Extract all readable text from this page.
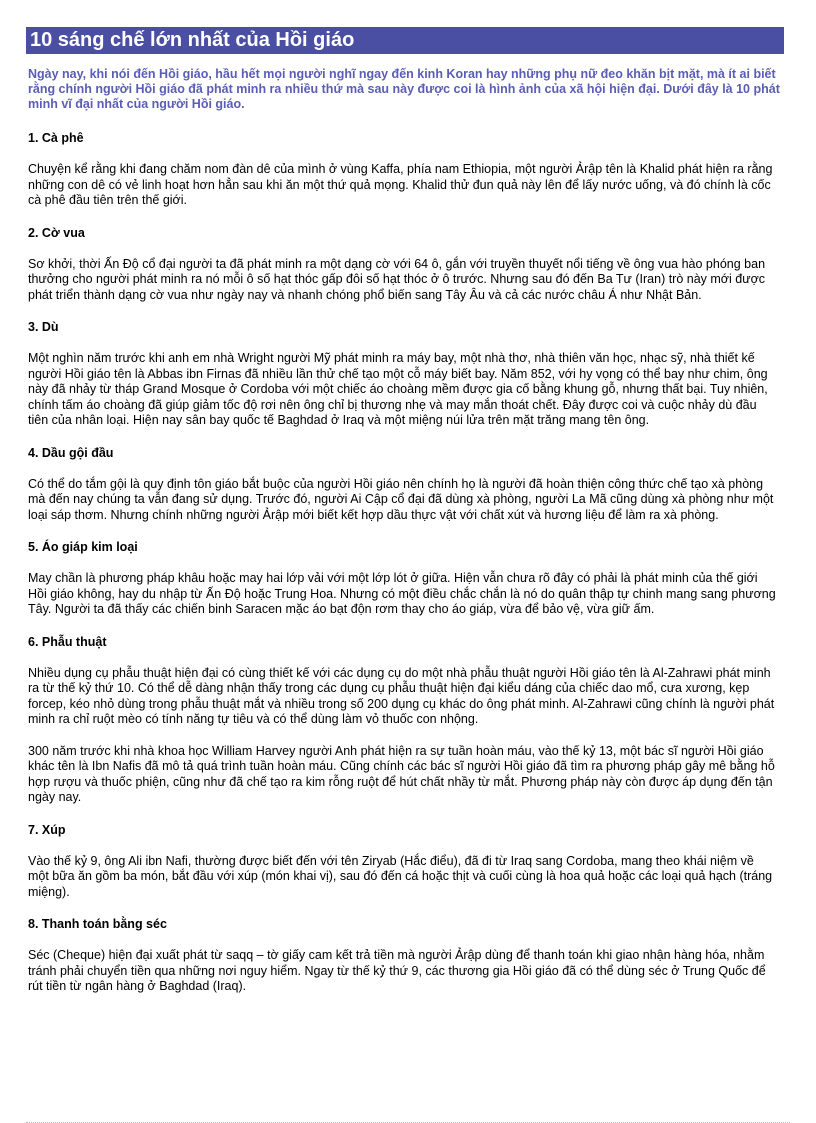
10 sáng chế lớn nhất của Hồi giáo

Ngày nay, khi nói đến Hồi giáo, hầu hết mọi người nghĩ ngay đến kinh Koran hay những phụ nữ đeo khăn bịt mặt, mà ít ai biết rằng chính người Hồi giáo đã phát minh ra nhiều thứ mà sau này được coi là hình ảnh của xã hội hiện đại. Dưới đây là 10 phát minh vĩ đại nhất của người Hồi giáo.

1. Cà phê

Chuyện kể rằng khi đang chăm nom đàn dê của mình ở vùng Kaffa, phía nam Ethiopia, một người Ảrập tên là Khalid phát hiện ra rằng những con dê có vẻ linh hoạt hơn hẳn sau khi ăn một thứ quả mọng. Khalid thử đun quả này lên để lấy nước uống, và đó chính là cốc cà phê đầu tiên trên thế giới.

2. Cờ vua

Sơ khởi, thời Ấn Độ cổ đại người ta đã phát minh ra một dạng cờ với 64 ô, gắn với truyền thuyết nổi tiếng về ông vua hào phóng ban thưởng cho người phát minh ra nó mỗi ô số hạt thóc gấp đôi số hạt thóc ở ô trước. Nhưng sau đó đến Ba Tư (Iran) trò này mới được phát triển thành dạng cờ vua như ngày nay và nhanh chóng phổ biến sang Tây Âu và cả các nước châu Á như Nhật Bản.

3. Dù

Một nghìn năm trước khi anh em nhà Wright người Mỹ phát minh ra máy bay, một nhà thơ, nhà thiên văn học, nhạc sỹ, nhà thiết kế người Hồi giáo tên là Abbas ibn Firnas đã nhiều lần thử chế tạo một cỗ máy biết bay. Năm 852, với hy vọng có thể bay như chim, ông này đã nhảy từ tháp Grand Mosque ở Cordoba với một chiếc áo choàng mềm được gia cố bằng khung gỗ, nhưng thất bại. Tuy nhiên, chính tấm áo choàng đã giúp giảm tốc độ rơi nên ông chỉ bị thương nhẹ và may mắn thoát chết. Đây được coi và cuộc nhảy dù đầu tiên của nhân loại. Hiện nay sân bay quốc tế Baghdad ở Iraq và một miệng núi lửa trên mặt trăng mang tên ông.

4. Dầu gội đầu

Có thể do tắm gội là quy định tôn giáo bắt buộc của người Hồi giáo nên chính họ là người đã hoàn thiện công thức chế tạo xà phòng mà đến nay chúng ta vẫn đang sử dụng. Trước đó, người Ai Cập cổ đại đã dùng xà phòng, người La Mã cũng dùng xà phòng như một loại sáp thơm. Nhưng chính những người Ảrập mới biết kết hợp dầu thực vật với chất xút và hương liệu để làm ra xà phòng.

5. Áo giáp kim loại

May chần là phương pháp khâu hoặc may hai lớp vải với một lớp lót ở giữa. Hiện vẫn chưa rõ đây có phải là phát minh của thế giới Hồi giáo không, hay du nhập từ Ấn Độ hoặc Trung Hoa. Nhưng có một điều chắc chắn là nó do quân thập tự chinh mang sang phương Tây. Người ta đã thấy các chiến binh Saracen mặc áo bạt độn rơm thay cho áo giáp, vừa để bảo vệ, vừa giữ ấm.

6. Phẫu thuật

Nhiều dụng cụ phẫu thuật hiện đại có cùng thiết kế với các dụng cụ do một nhà phẫu thuật người Hồi giáo tên là Al-Zahrawi phát minh ra từ thế kỷ thứ 10. Có thể dễ dàng nhận thấy trong các dụng cụ phẫu thuật hiện đại kiểu dáng của chiếc dao mổ, cưa xương, kẹp forcep, kéo nhỏ dùng trong phẫu thuật mắt và nhiều trong số 200 dụng cụ khác do ông phát minh. Al-Zahrawi cũng chính là người phát minh ra chỉ ruột mèo có tính năng tự tiêu và có thể dùng làm vỏ thuốc con nhộng.

300 năm trước khi nhà khoa học William Harvey người Anh phát hiện ra sự tuần hoàn máu, vào thế kỷ 13, một bác sĩ người Hồi giáo khác tên là Ibn Nafis đã mô tả quá trình tuần hoàn máu. Cũng chính các bác sĩ người Hồi giáo đã tìm ra phương pháp gây mê bằng hỗ hợp rượu và thuốc phiện, cũng như đã chế tạo ra kim rỗng ruột để hút chất nhầy từ mắt. Phương pháp này còn được áp dụng đến tận ngày nay.

7. Xúp

Vào thế kỷ 9, ông Ali ibn Nafi, thường được biết đến với tên Ziryab (Hắc điểu), đã đi từ Iraq sang Cordoba, mang theo khái niệm về một bữa ăn gồm ba món, bắt đầu với xúp (món khai vị), sau đó đến cá hoặc thịt và cuối cùng là hoa quả hoặc các loại quả hạch (tráng miệng).

8. Thanh toán bằng séc

Séc (Cheque) hiện đại xuất phát từ saqq – tờ giấy cam kết trả tiền mà người Ảrập dùng để thanh toán khi giao nhận hàng hóa, nhằm tránh phải chuyển tiền qua những nơi nguy hiểm. Ngay từ thế kỷ thứ 9, các thương gia Hồi giáo đã có thể dùng séc ở Trung Quốc để rút tiền từ ngân hàng ở Baghdad (Iraq).
